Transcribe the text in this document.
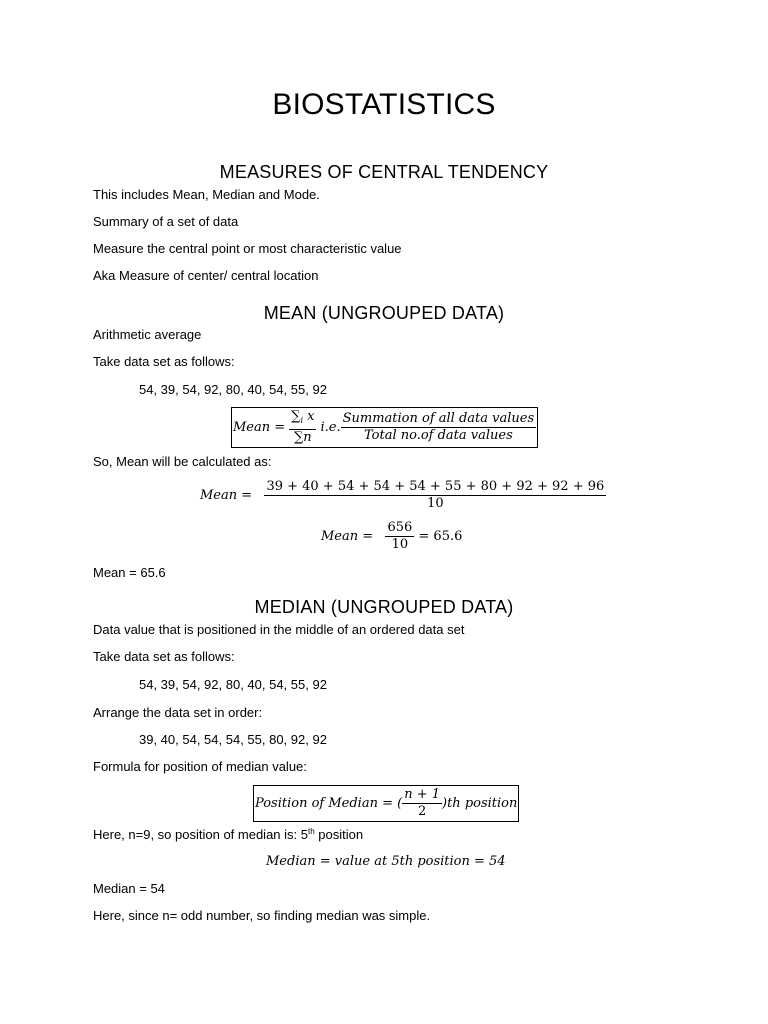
BIOSTATISTICS
MEASURES OF CENTRAL TENDENCY
This includes Mean, Median and Mode.
Summary of a set of data
Measure the central point or most characteristic value
Aka Measure of center/ central location
MEAN (UNGROUPED DATA)
Arithmetic average
Take data set as follows:
54, 39, 54, 92, 80, 40, 54, 55, 92
Mean = $\frac{\sum_i x}{\sum n} i.e$. $\frac{\text{Summation of all data values}}{\text{Total no.of data values}}$
So, Mean will be calculated as:
Mean = $\frac{39 + 40 + 54 + 54 + 54 + 55 + 80 + 92 + 92 + 96}{10}$
Mean = $\frac{656}{10} = 65.6$
Mean = 65.6
MEDIAN (UNGROUPED DATA)
Data value that is positioned in the middle of an ordered data set
Take data set as follows:
54, 39, 54, 92, 80, 40, 54, 55, 92
Arrange the data set in order:
39, 40, 54, 54, 54, 55, 80, 92, 92
Formula for position of median value:
Position of Median = ( $\frac{n + 1}{2} )th$ position
Here, n=9, so position of median is: 5th position
Median = value at 5th position = 54
Median = 54
Here, since n= odd number, so finding median was simple.
